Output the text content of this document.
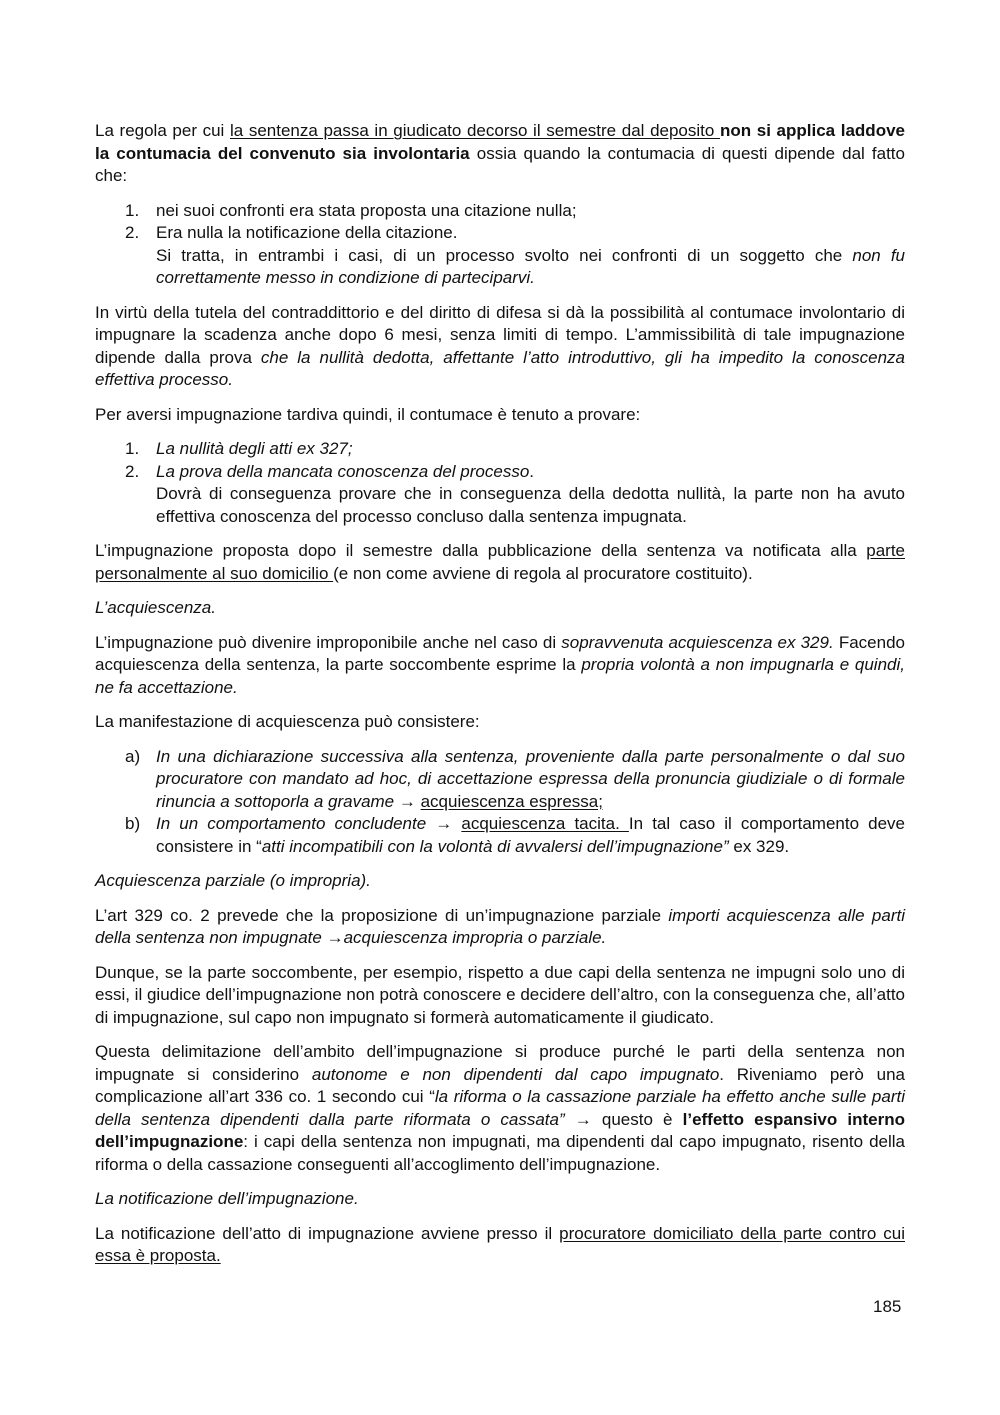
La regola per cui la sentenza passa in giudicato decorso il semestre dal deposito non si applica laddove la contumacia del convenuto sia involontaria ossia quando la contumacia di questi dipende dal fatto che:

1. nei suoi confronti era stata proposta una citazione nulla;
2. Era nulla la notificazione della citazione.
Si tratta, in entrambi i casi, di un processo svolto nei confronti di un soggetto che non fu correttamente messo in condizione di parteciparvi.

In virtù della tutela del contraddittorio e del diritto di difesa si dà la possibilità al contumace involontario di impugnare la scadenza anche dopo 6 mesi, senza limiti di tempo. L’ammissibilità di tale impugnazione dipende dalla prova che la nullità dedotta, affettante l’atto introduttivo, gli ha impedito la conoscenza effettiva processo.

Per aversi impugnazione tardiva quindi, il contumace è tenuto a provare:

1. La nullità degli atti ex 327;
2. La prova della mancata conoscenza del processo.
Dovrà di conseguenza provare che in conseguenza della dedotta nullità, la parte non ha avuto effettiva conoscenza del processo concluso dalla sentenza impugnata.

L’impugnazione proposta dopo il semestre dalla pubblicazione della sentenza va notificata alla parte personalmente al suo domicilio (e non come avviene di regola al procuratore costituito).

L’acquiescenza.

L’impugnazione può divenire improponibile anche nel caso di sopravvenuta acquiescenza ex 329. Facendo acquiescenza della sentenza, la parte soccombente esprime la propria volontà a non impugnarla e quindi, ne fa accettazione.

La manifestazione di acquiescenza può consistere:

a) In una dichiarazione successiva alla sentenza, proveniente dalla parte personalmente o dal suo procuratore con mandato ad hoc, di accettazione espressa della pronuncia giudiziale o di formale rinuncia a sottoporla a gravame → acquiescenza espressa;
b) In un comportamento concludente → acquiescenza tacita. In tal caso il comportamento deve consistere in “atti incompatibili con la volontà di avvalersi dell’impugnazione” ex 329.

Acquiescenza parziale (o impropria).

L’art 329 co. 2 prevede che la proposizione di un’impugnazione parziale importi acquiescenza alle parti della sentenza non impugnate →acquiescenza impropria o parziale.

Dunque, se la parte soccombente, per esempio, rispetto a due capi della sentenza ne impugni solo uno di essi, il giudice dell’impugnazione non potrà conoscere e decidere dell’altro, con la conseguenza che, all’atto di impugnazione, sul capo non impugnato si formerà automaticamente il giudicato.

Questa delimitazione dell’ambito dell’impugnazione si produce purché le parti della sentenza non impugnate si considerino autonome e non dipendenti dal capo impugnato. Riveniamo però una complicazione all’art 336 co. 1 secondo cui “la riforma o la cassazione parziale ha effetto anche sulle parti della sentenza dipendenti dalla parte riformata o cassata” → questo è l’effetto espansivo interno dell’impugnazione: i capi della sentenza non impugnati, ma dipendenti dal capo impugnato, risento della riforma o della cassazione conseguenti all’accoglimento dell’impugnazione.

La notificazione dell’impugnazione.

La notificazione dell’atto di impugnazione avviene presso il procuratore domiciliato della parte contro cui essa è proposta.

185
